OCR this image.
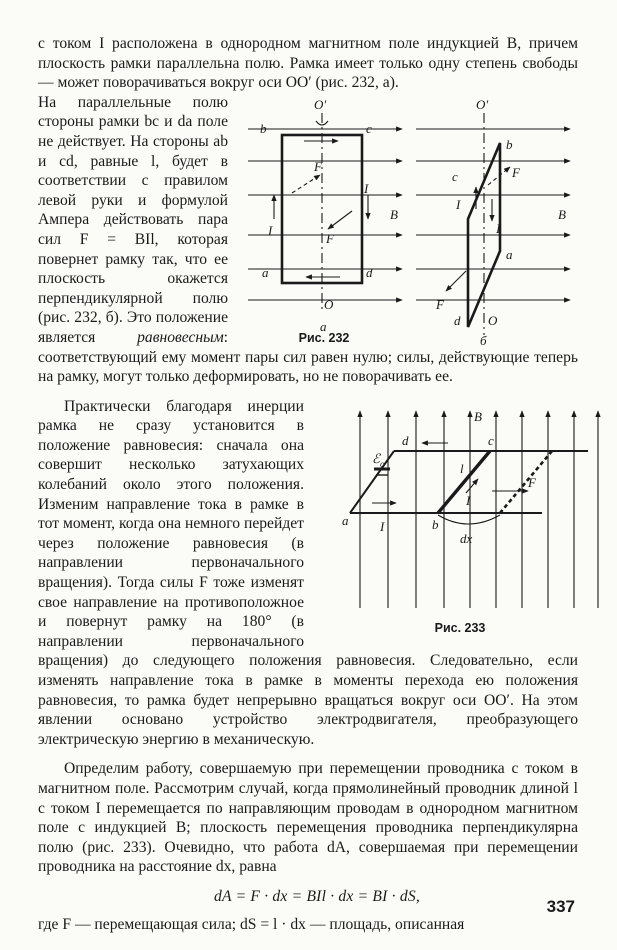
с током I расположена в однородном магнитном поле индукцией B, причем плоскость рамки параллельна полю. Рамка имеет только одну степень свободы — может поворачиваться вокруг оси OO′ (рис. 232, а).

O′
b	c
F
I
B
I
F
a	d
O
а
O′
b
c	F
I
I
B
a
F
d O
б
Рис. 232

На параллельные полю стороны рамки bc и da поле не действует. На стороны ab и cd, равные l, будет в соответствии с правилом левой руки и формулой Ампера действовать пара сил F = BIl, которая повернет рамку так, что ее плоскость окажется перпендикулярной полю (рис. 232, б). Это положение является	равновесным: соответствующий ему момент пары сил равен нулю; силы, действующие теперь на рамку, могут только деформировать, но не поворачивать ее.

B
d	c
ℰ о	l
I
F
a I	b
dx
Рис. 233
Практически благодаря инерции рамка не сразу установится в положение равновесия: сначала она совершит несколько затухающих колебаний около этого положения. Изменим направление тока в рамке в тот момент, когда она немного перейдет через положение равновесия (в направлении первоначального вращения). Тогда силы F тоже изменят свое направление на противоположное и повернут рамку на 180° (в направлении первоначального вращения) до следующего положения равновесия. Следовательно, если изменять направление тока в рамке в моменты перехода ею положения равновесия, то рамка будет непрерывно вращаться вокруг оси OO′. На этом явлении основано устройство электродвигателя, преобразующего электрическую энергию в механическую.

Определим работу, совершаемую при перемещении проводника с током в магнитном поле. Рассмотрим случай, когда прямолинейный проводник длиной l с током I перемещается по направляющим проводам в однородном магнитном поле с индукцией B; плоскость перемещения проводника перпендикулярна полю (рис. 233). Очевидно, что работа dA, совершаемая при перемещении проводника на расстояние dx, равна

dA = F · dx = BIl · dx = BI · dS,

где F — перемещающая сила; dS = l · dx — площадь, описанная

337
